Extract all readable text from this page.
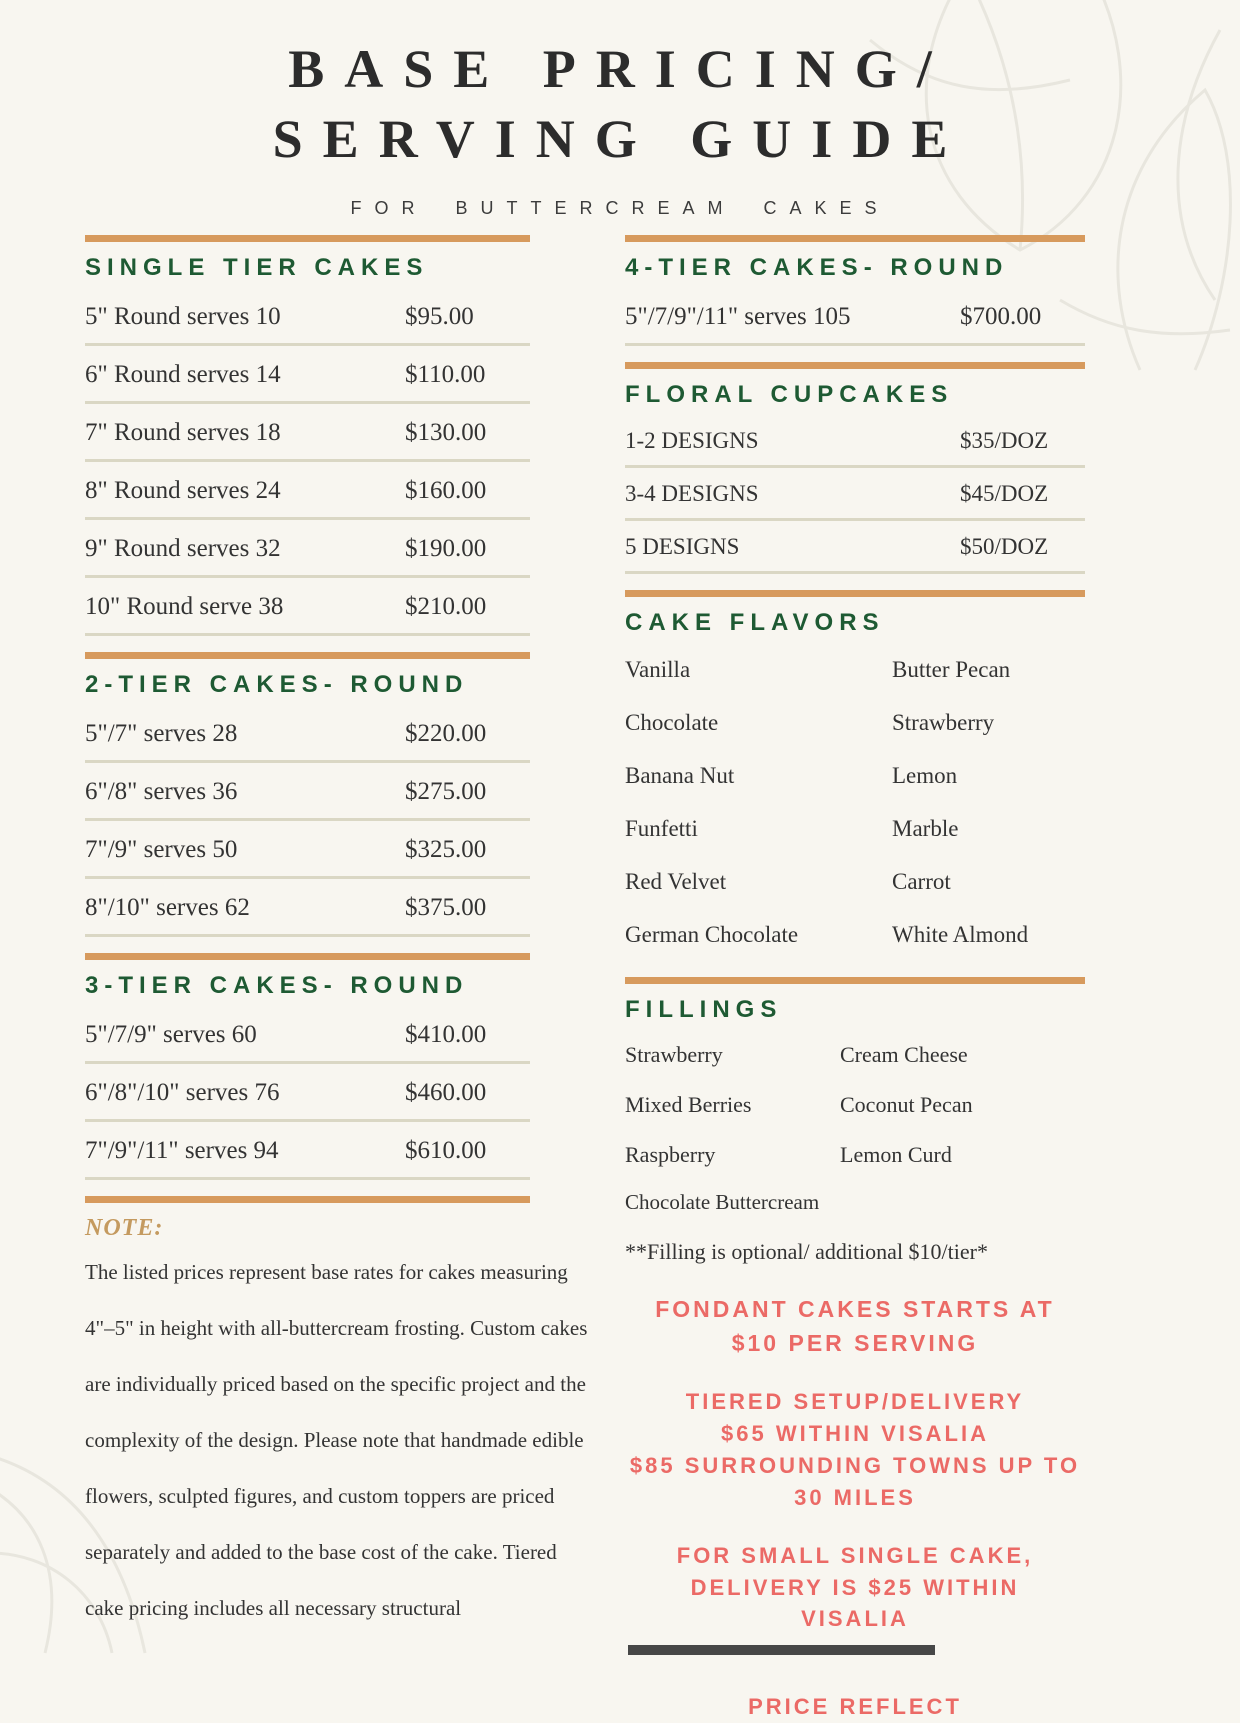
BASE PRICING/
SERVING GUIDE
FOR BUTTERCREAM CAKES
SINGLE TIER CAKES
5" Round serves 10	$95.00
6" Round serves 14	$110.00
7" Round serves 18	$130.00
8" Round serves 24	$160.00
9" Round serves 32	$190.00
10" Round serve 38	$210.00
2-TIER CAKES- ROUND
5"/7" serves 28	$220.00
6"/8" serves 36	$275.00
7"/9" serves 50	$325.00
8"/10" serves 62	$375.00
3-TIER CAKES- ROUND
5"/7/9" serves 60	$410.00
6"/8"/10" serves 76	$460.00
7"/9"/11" serves 94	$610.00
NOTE:
The listed prices represent base rates for cakes measuring 4"–5" in height with all-buttercream frosting. Custom cakes are individually priced based on the specific project and the complexity of the design. Please note that handmade edible flowers, sculpted figures, and custom toppers are priced separately and added to the base cost of the cake. Tiered cake pricing includes all necessary structural
4-TIER CAKES- ROUND
5"/7/9"/11" serves 105	$700.00
FLORAL CUPCAKES
1-2 DESIGNS	$35/DOZ
3-4 DESIGNS	$45/DOZ
5 DESIGNS	$50/DOZ
CAKE FLAVORS
Vanilla	Butter Pecan
Chocolate	Strawberry
Banana Nut	Lemon
Funfetti	Marble
Red Velvet	Carrot
German Chocolate	White Almond
FILLINGS
Strawberry	Cream Cheese
Mixed Berries	Coconut Pecan
Raspberry	Lemon Curd
Chocolate Buttercream
**Filling is optional/ additional $10/tier*
FONDANT CAKES STARTS AT
$10 PER SERVING
TIERED SETUP/DELIVERY
$65 WITHIN VISALIA
$85 SURROUNDING TOWNS UP TO
30 MILES
FOR SMALL SINGLE CAKE,
DELIVERY IS $25 WITHIN
VISALIA
PRICE REFLECT
